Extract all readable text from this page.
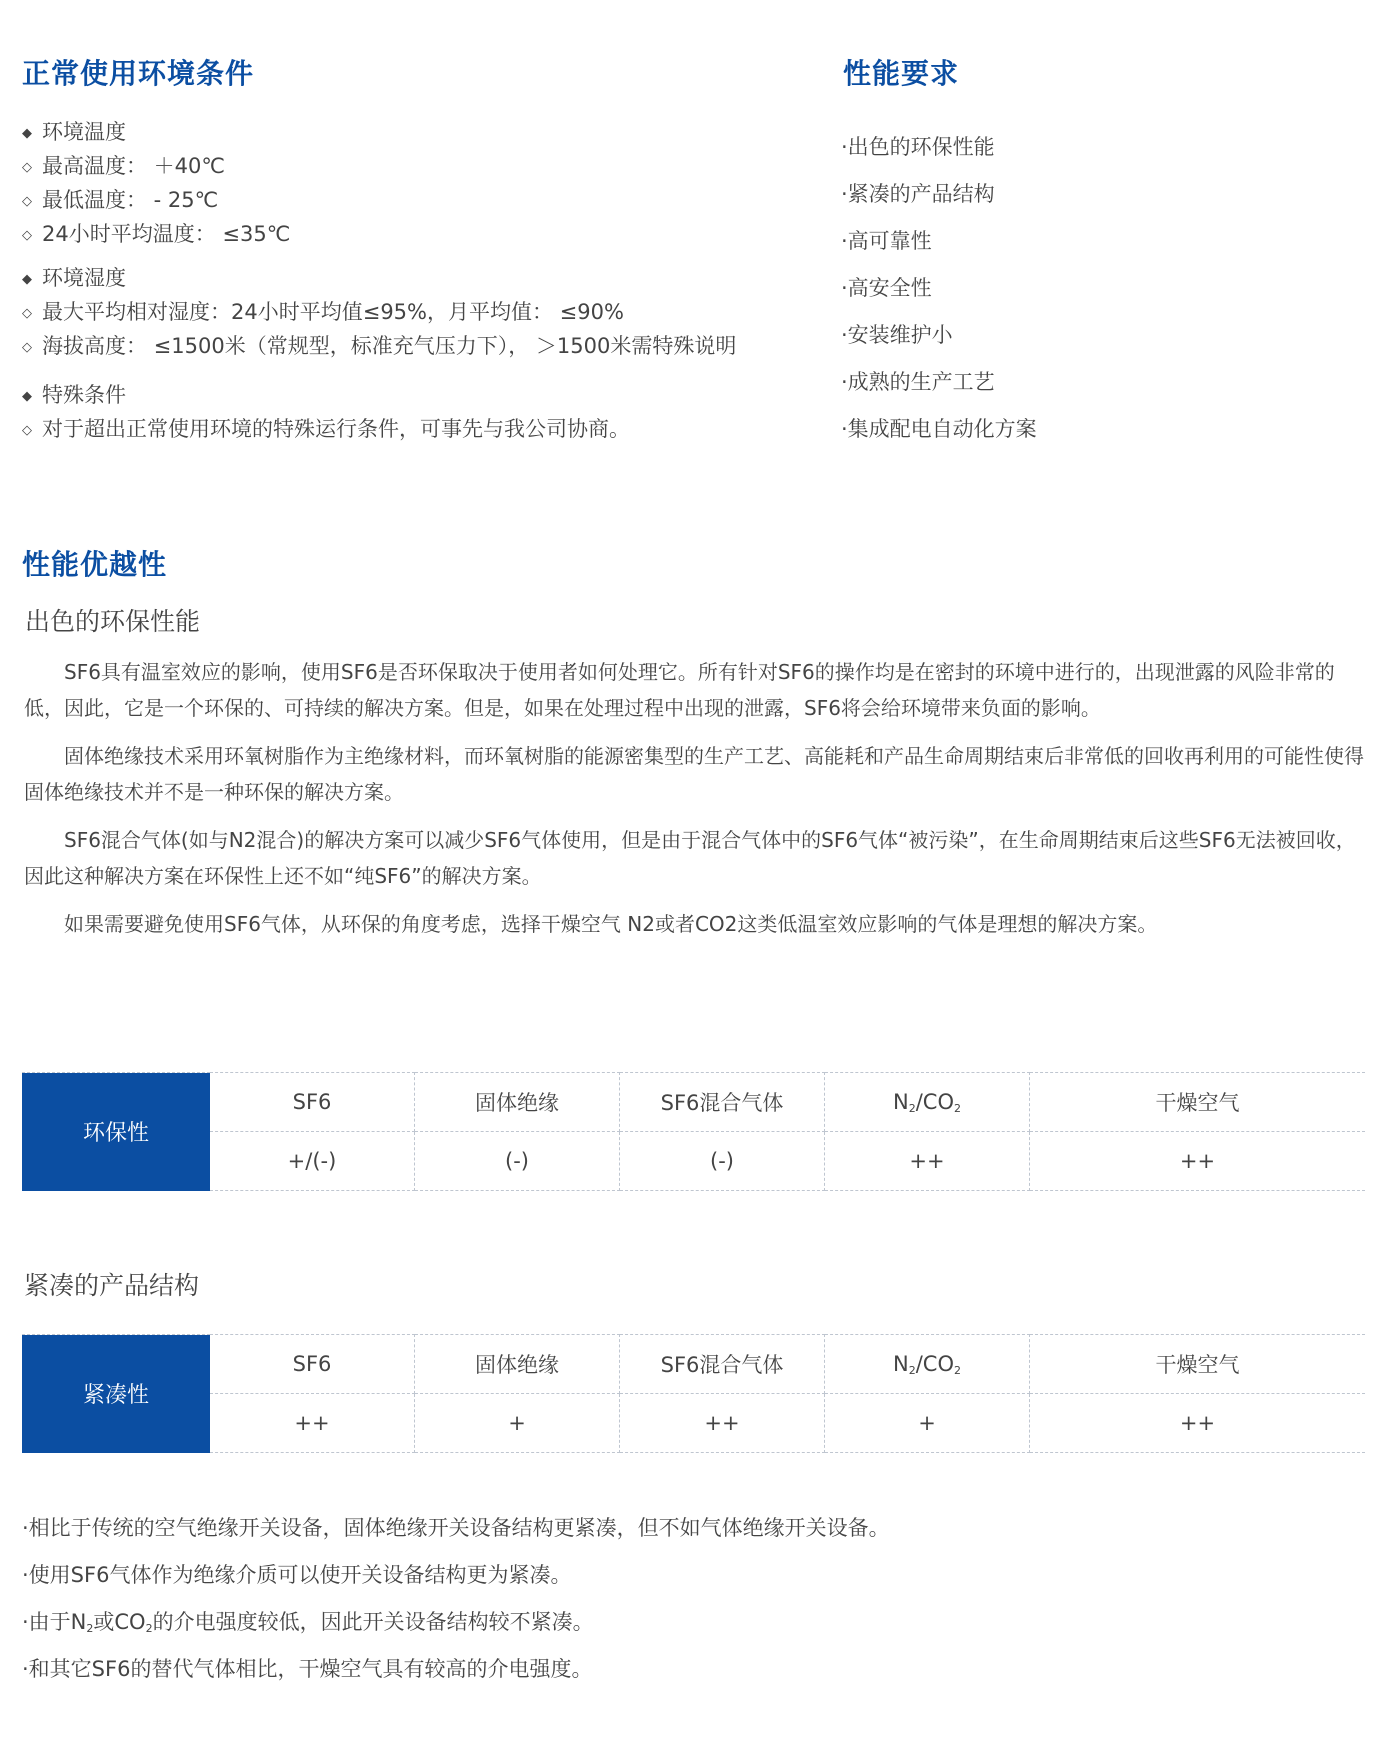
正常使用环境条件
◆ 环境温度
◇ 最高温度： ＋40℃
◇ 最低温度： - 25℃
◇ 24小时平均温度： ≤35℃
◆ 环境湿度
◇ 最大平均相对湿度：24小时平均值≤95%，月平均值： ≤90%
◇ 海拔高度： ≤1500米（常规型，标准充气压力下）， ＞1500米需特殊说明
◆ 特殊条件
◇ 对于超出正常使用环境的特殊运行条件，可事先与我公司协商。
性能要求
·出色的环保性能
·紧凑的产品结构
·高可靠性
·高安全性
·安装维护小
·成熟的生产工艺
·集成配电自动化方案
性能优越性
出色的环保性能

SF6具有温室效应的影响，使用SF6是否环保取决于使用者如何处理它。所有针对SF6的操作均是在密封的环境中进行的，出现泄露的风险非常的低，因此，它是一个环保的、可持续的解决方案。但是，如果在处理过程中出现的泄露，SF6将会给环境带来负面的影响。

固体绝缘技术采用环氧树脂作为主绝缘材料，而环氧树脂的能源密集型的生产工艺、高能耗和产品生命周期结束后非常低的回收再利用的可能性使得固体绝缘技术并不是一种环保的解决方案。

SF6混合气体(如与N2混合)的解决方案可以减少SF6气体使用，但是由于混合气体中的SF6气体“被污染”，在生命周期结束后这些SF6无法被回收，因此这种解决方案在环保性上还不如“纯SF6”的解决方案。

如果需要避免使用SF6气体，从环保的角度考虑，选择干燥空气 N2或者CO2这类低温室效应影响的气体是理想的解决方案。

环保性	SF6	固体绝缘	SF6混合气体	$N_2/CO_2$	干燥空气
	+/(-)	(-)	(-)	++	++
紧凑的产品结构
紧凑性	SF6	固体绝缘	SF6混合气体	$N_2/CO_2$	干燥空气
	++	+	++	+	++
·相比于传统的空气绝缘开关设备，固体绝缘开关设备结构更紧凑，但不如气体绝缘开关设备。
·使用SF6气体作为绝缘介质可以使开关设备结构更为紧凑。
·由于$N_2$或$CO_2$的介电强度较低，因此开关设备结构较不紧凑。
·和其它SF6的替代气体相比，干燥空气具有较高的介电强度。
